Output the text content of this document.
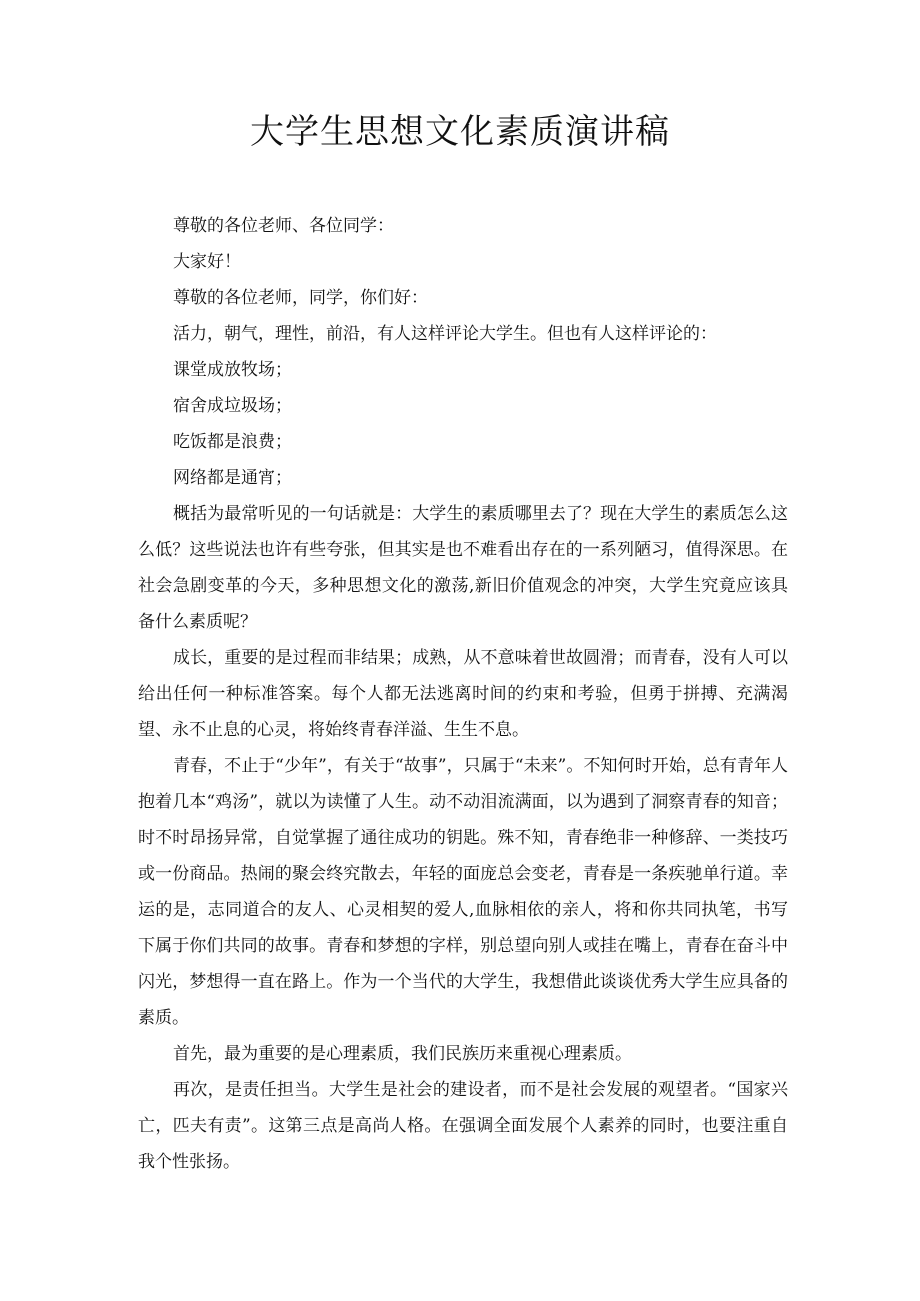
大学生思想文化素质演讲稿

尊敬的各位老师、各位同学：

大家好！

尊敬的各位老师，同学，你们好：

活力，朝气，理性，前沿，有人这样评论大学生。但也有人这样评论的：

课堂成放牧场；

宿舍成垃圾场；

吃饭都是浪费；

网络都是通宵；

概括为最常听见的一句话就是：大学生的素质哪里去了？现在大学生的素质怎么这么低？这些说法也许有些夸张，但其实是也不难看出存在的一系列陋习，值得深思。在社会急剧变革的今天，多种思想文化的激荡,新旧价值观念的冲突，大学生究竟应该具备什么素质呢？

成长，重要的是过程而非结果；成熟，从不意味着世故圆滑；而青春，没有人可以给出任何一种标准答案。每个人都无法逃离时间的约束和考验，但勇于拼搏、充满渴望、永不止息的心灵，将始终青春洋溢、生生不息。

青春，不止于“少年”，有关于“故事”，只属于“未来”。不知何时开始，总有青年人抱着几本“鸡汤”，就以为读懂了人生。动不动泪流满面，以为遇到了洞察青春的知音；时不时昂扬异常，自觉掌握了通往成功的钥匙。殊不知，青春绝非一种修辞、一类技巧或一份商品。热闹的聚会终究散去，年轻的面庞总会变老，青春是一条疾驰单行道。幸运的是，志同道合的友人、心灵相契的爱人,血脉相依的亲人，将和你共同执笔，书写下属于你们共同的故事。青春和梦想的字样，别总望向别人或挂在嘴上，青春在奋斗中闪光，梦想得一直在路上。作为一个当代的大学生，我想借此谈谈优秀大学生应具备的素质。

首先，最为重要的是心理素质，我们民族历来重视心理素质。

再次，是责任担当。大学生是社会的建设者，而不是社会发展的观望者。“国家兴亡，匹夫有责”。这第三点是高尚人格。在强调全面发展个人素养的同时，也要注重自我个性张扬。
